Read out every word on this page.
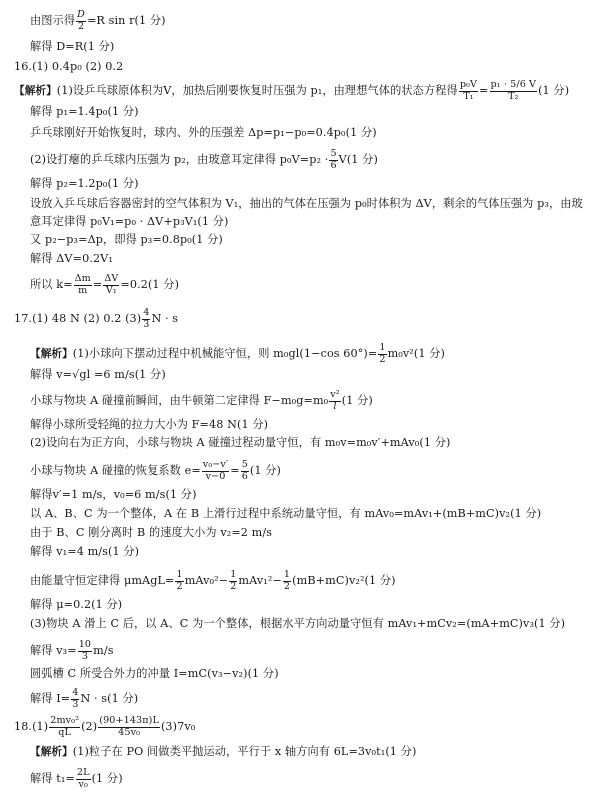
由图示得 $\frac{D}{2} =R$ sin r(1 分)
解得 D=R(1 分)
16.(1) 0.4p₀ (2) 0.2
【解析】(1)设乒乓球原体积为V，加热后刚要恢复时压强为 p₁，由理想气体的状态方程得 $\frac{\text{p₀V}}{\text{T₁}} = \frac{\text{p₁ · 5/6 V}}{\text{T₂}} (1$ 分)
解得 p₁=1.4p₀(1 分)
乒乓球刚好开始恢复时，球内、外的压强差 Δp=p₁−p₀=0.4p₀(1 分)
(2)设打瘪的乒乓球内压强为 p₂，由玻意耳定律得 $p_0V=p_2 \cdot \frac{5}{6} V(1$ 分)
解得 p₂=1.2p₀(1 分)
设放入乒乓球后容器密封的空气体积为 V₁，抽出的气体在压强为 p₀时体积为 ΔV，剩余的气体压强为 p₃，由玻
意耳定律得 p₀V₁=p₀ · ΔV+p₃V₁(1 分)
又 p₂−p₃=Δp，即得 p₃=0.8p₀(1 分)
解得 ΔV=0.2V₁
所以 $k= \frac{\Delta m}{m} = \frac{\Delta V}{\text{V₁}} =0.2(1$ 分)
17.(1) 48 N (2) 0.2 $(3) \frac{4}{3}$ N · s
【解析】(1)小球向下摆动过程中机械能守恒，则 m₀gl(1−cos $60^\circ)= \frac{1}{2} m_0v^2(1$ 分)
解得 v=√gl =6 m/s(1 分)
小球与物块 A 碰撞前瞬间，由牛顿第二定律得 $F-m_0g=m_0 \frac{\text{v²}}{l} (1$ 分)
解得小球所受轻绳的拉力大小为 F=48 N(1 分)
(2)设向右为正方向，小球与物块 A 碰撞过程动量守恒，有 m₀v=m₀v′+mAv₀(1 分)
小球与物块 A 碰撞的恢复系数 $e= \frac{\text{v₀−v′}}{v-0} = \frac{5}{6} (1$ 分)
解得v′=1 m/s，v₀=6 m/s(1 分)
以 A、B、C 为一个整体，A 在 B 上滑行过程中系统动量守恒，有 mAv₀=mAv₁+(mB+mC)v₂(1 分)
由于 B、C 刚分离时 B 的速度大小为 v₂=2 m/s
解得 v₁=4 m/s(1 分)
由能量守恒定律得 μmAgL= $\frac{1}{2} mAv_0^2- \frac{1}{2} mAv_1^2- \frac{1}{2} (mB+mC)v_2^2(1$ 分)
解得 μ=0.2(1 分)
(3)物块 A 滑上 C 后，以 A、C 为一个整体，根据水平方向动量守恒有 mAv₁+mCv₂=(mA+mC)v₃(1 分)
解得 $v_3= \frac{10}{3} m/s$
圆弧槽 C 所受合外力的冲量 I=mC(v₃−v₂)(1 分)
解得 $I= \frac{4}{3}$ N · s(1 分)
$18.(1) \frac{\text{2mv₀²}}{qL} (2) \frac{(90+143\pi)L}{\text{45v₀}} (3)7v_0$
【解析】(1)粒子在 PO 间做类平抛运动，平行于 x 轴方向有 6L=3v₀t₁(1 分)
解得 $t_1= \frac{2L}{\text{v₀}} (1$ 分)
